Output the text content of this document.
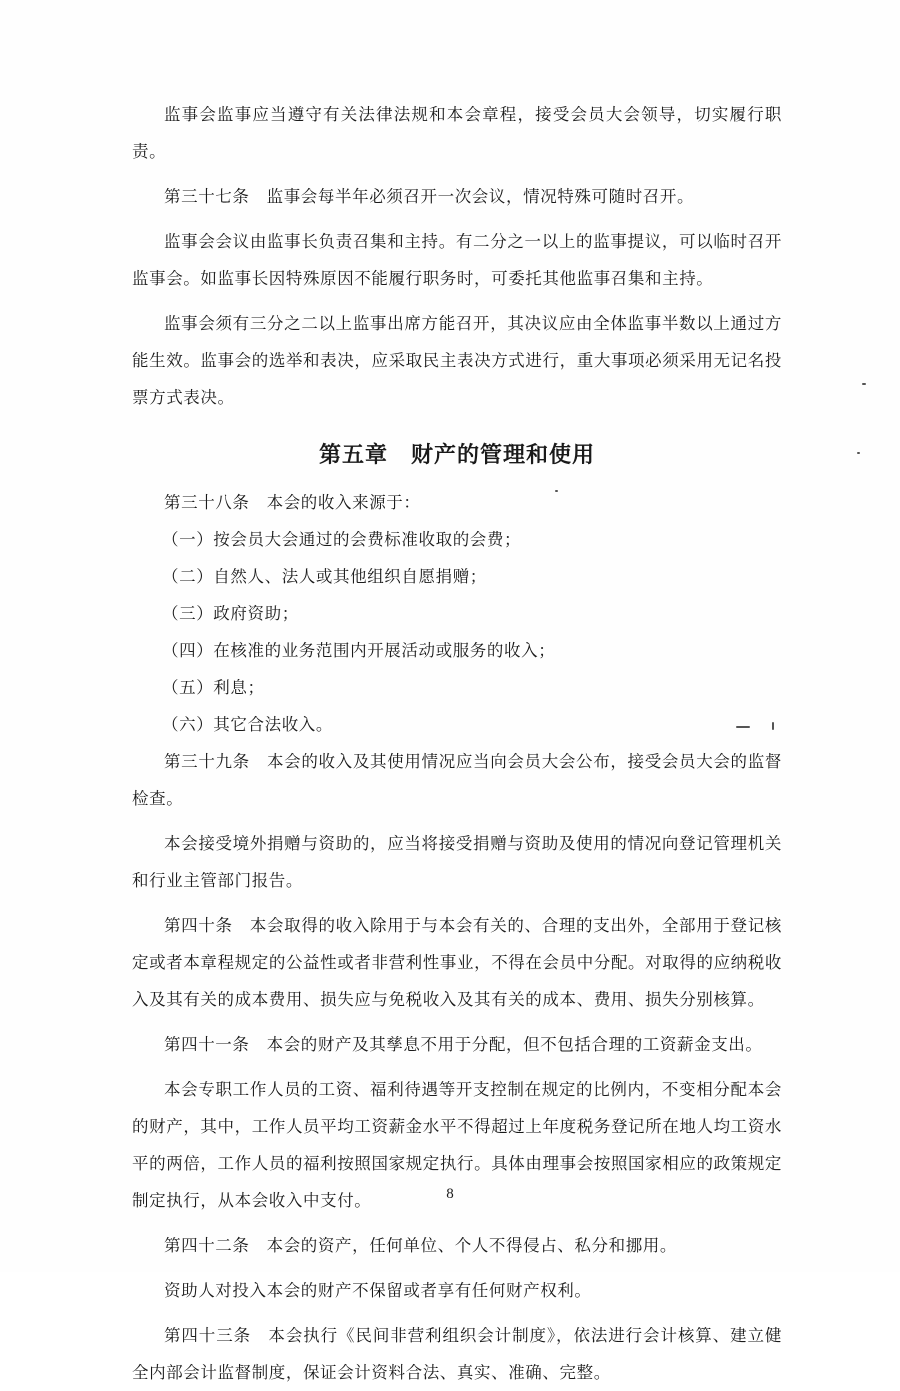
监事会监事应当遵守有关法律法规和本会章程，接受会员大会领导，切实履行职责。

第三十七条　监事会每半年必须召开一次会议，情况特殊可随时召开。

监事会会议由监事长负责召集和主持。有二分之一以上的监事提议，可以临时召开监事会。如监事长因特殊原因不能履行职务时，可委托其他监事召集和主持。

监事会须有三分之二以上监事出席方能召开，其决议应由全体监事半数以上通过方能生效。监事会的选举和表决，应采取民主表决方式进行，重大事项必须采用无记名投票方式表决。

第五章　财产的管理和使用

第三十八条　本会的收入来源于：

（一）按会员大会通过的会费标准收取的会费；

（二）自然人、法人或其他组织自愿捐赠；

（三）政府资助；

（四）在核准的业务范围内开展活动或服务的收入；

（五）利息；

（六）其它合法收入。

第三十九条　本会的收入及其使用情况应当向会员大会公布，接受会员大会的监督检查。

本会接受境外捐赠与资助的，应当将接受捐赠与资助及使用的情况向登记管理机关和行业主管部门报告。

第四十条　本会取得的收入除用于与本会有关的、合理的支出外，全部用于登记核定或者本章程规定的公益性或者非营利性事业，不得在会员中分配。对取得的应纳税收入及其有关的成本费用、损失应与免税收入及其有关的成本、费用、损失分别核算。

第四十一条　本会的财产及其孳息不用于分配，但不包括合理的工资薪金支出。

本会专职工作人员的工资、福利待遇等开支控制在规定的比例内，不变相分配本会的财产，其中，工作人员平均工资薪金水平不得超过上年度税务登记所在地人均工资水平的两倍，工作人员的福利按照国家规定执行。具体由理事会按照国家相应的政策规定制定执行，从本会收入中支付。

第四十二条　本会的资产，任何单位、个人不得侵占、私分和挪用。

资助人对投入本会的财产不保留或者享有任何财产权利。

第四十三条　本会执行《民间非营利组织会计制度》，依法进行会计核算、建立健全内部会计监督制度，保证会计资料合法、真实、准确、完整。

8
